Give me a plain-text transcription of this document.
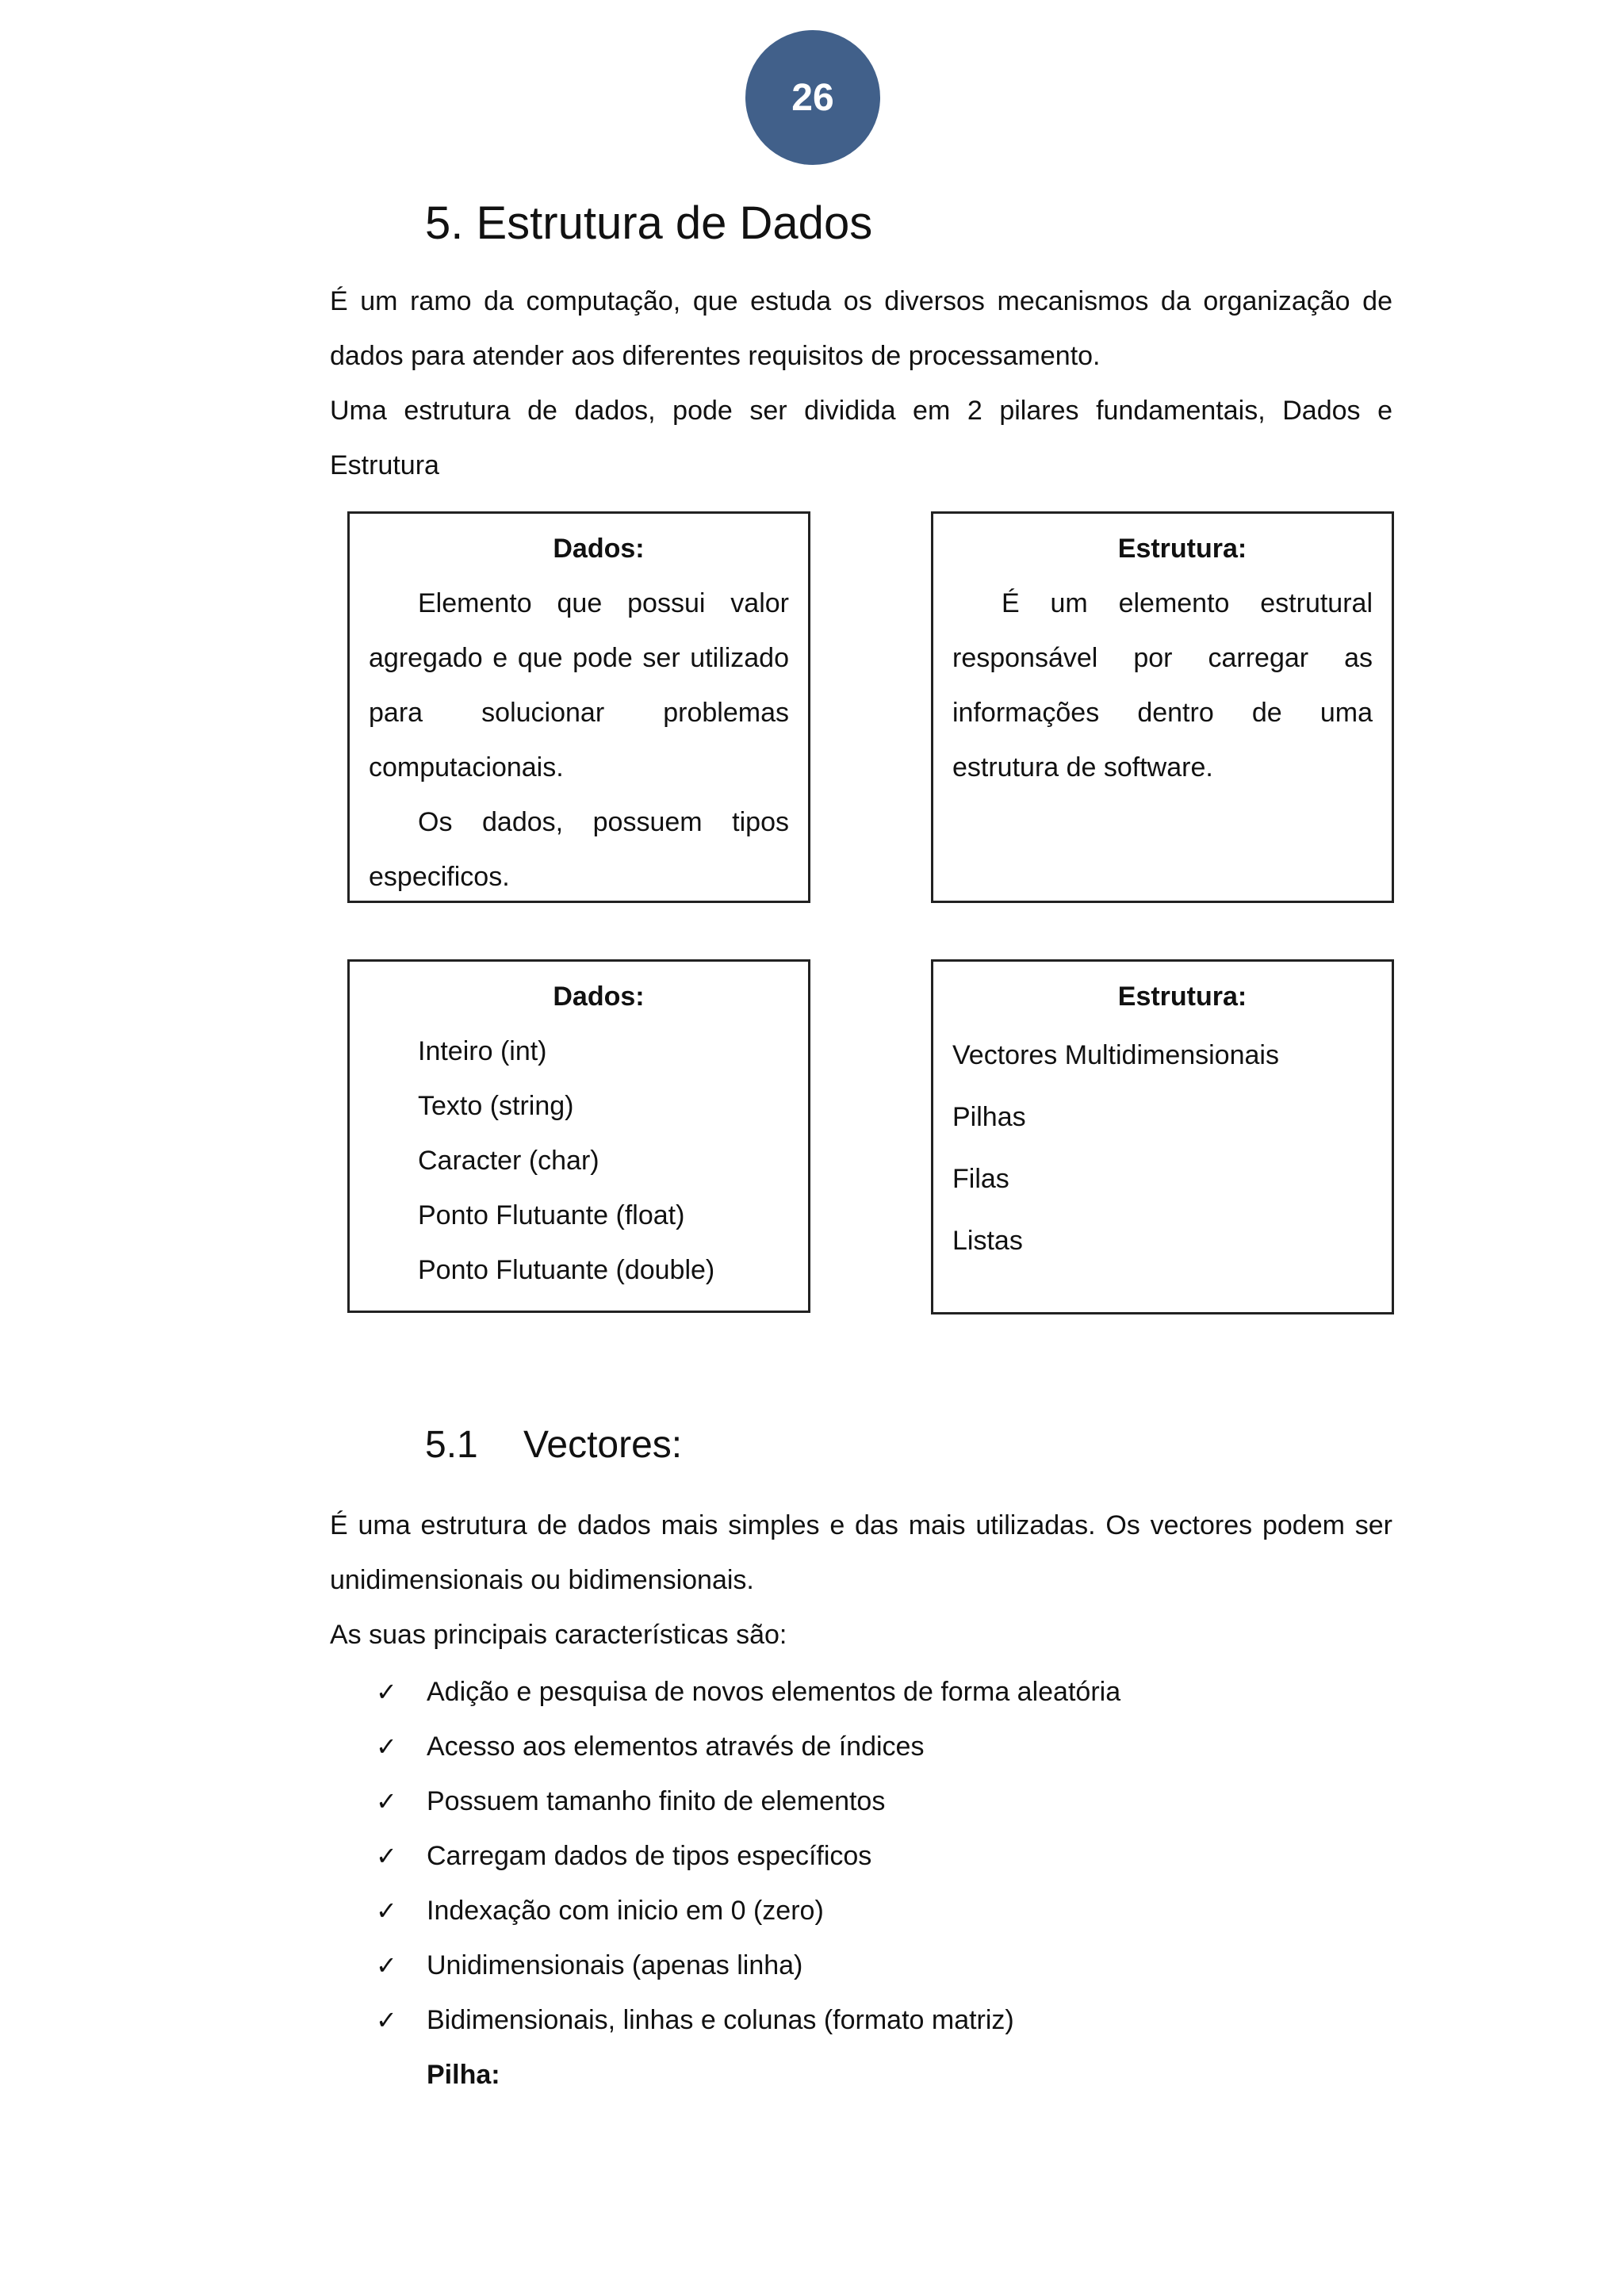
26
5. Estrutura de Dados

É um ramo da computação, que estuda os diversos mecanismos da organização de dados para atender aos diferentes requisitos de processamento.

Uma estrutura de dados, pode ser dividida em 2 pilares fundamentais, Dados e Estrutura

Dados:

Elemento que possui valor agregado e que pode ser utilizado para solucionar problemas computacionais.

Os dados, possuem tipos especificos.

Estrutura:

É um elemento estrutural responsável por carregar as informações dentro de uma estrutura de software.

Dados:
Inteiro (int)
Texto (string)
Caracter (char)
Ponto Flutuante (float)
Ponto Flutuante (double)
Estrutura:
Vectores Multidimensionais
Pilhas
Filas
Listas
5.1 Vectores:

É uma estrutura de dados mais simples e das mais utilizadas. Os vectores podem ser unidimensionais ou bidimensionais.

As suas principais características são:

✓ Adição e pesquisa de novos elementos de forma aleatória
✓ Acesso aos elementos através de índices
✓ Possuem tamanho finito de elementos
✓ Carregam dados de tipos específicos
✓ Indexação com inicio em 0 (zero)
✓ Unidimensionais (apenas linha)
✓ Bidimensionais, linhas e colunas (formato matriz)
Pilha:
